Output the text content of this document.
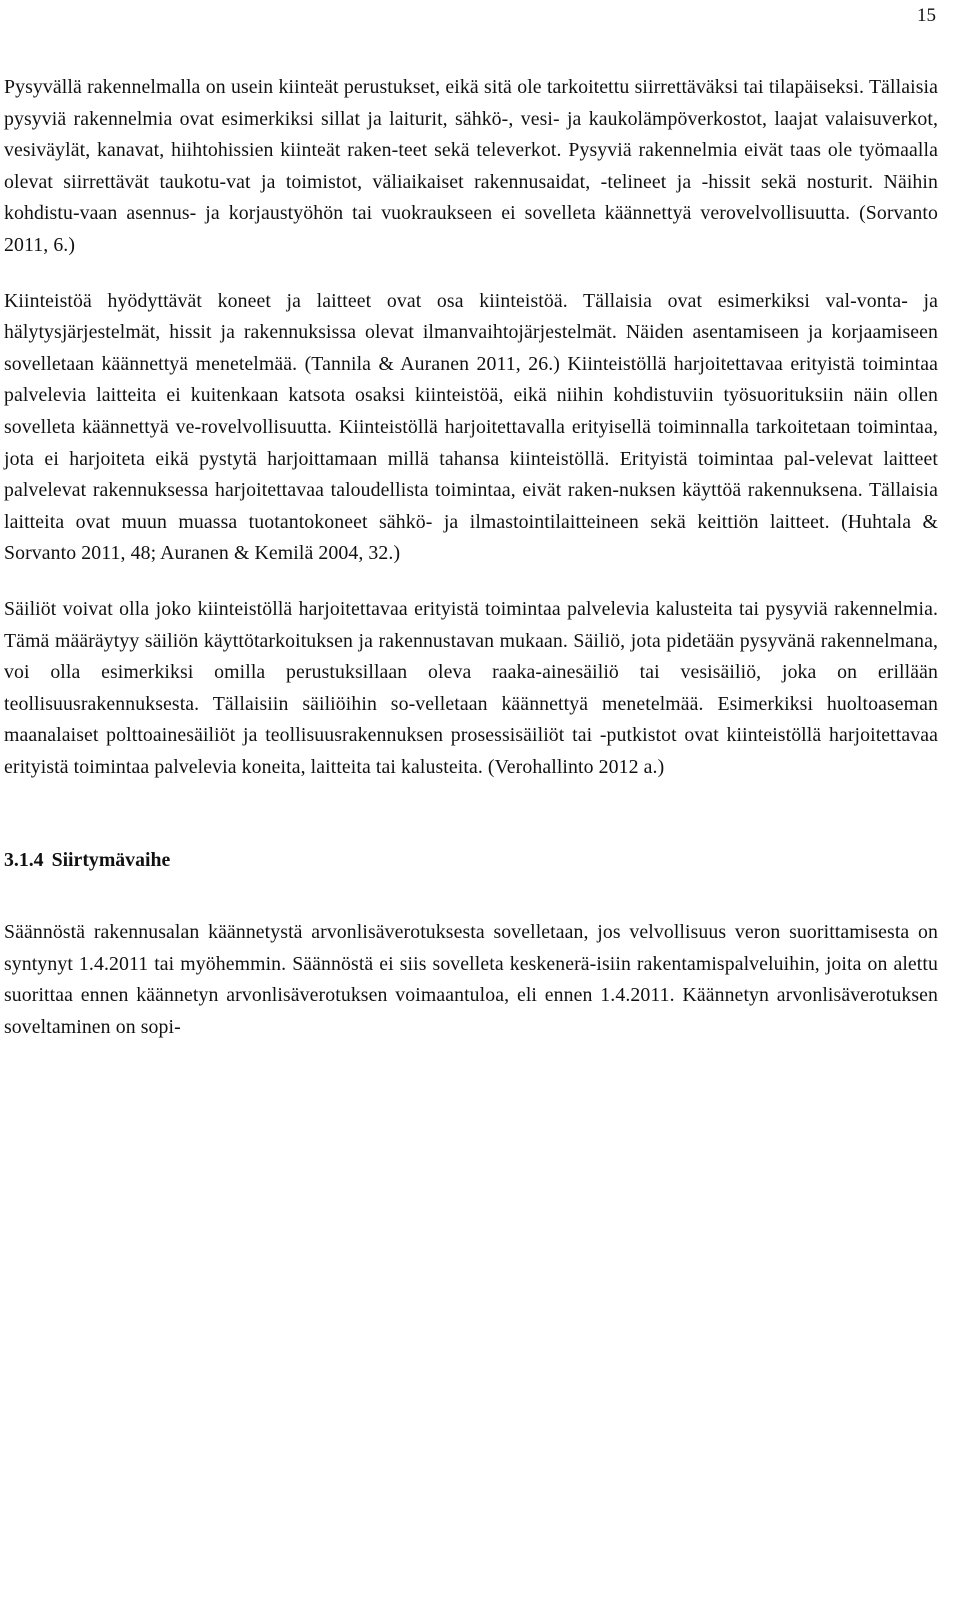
15

Pysyvällä rakennelmalla on usein kiinteät perustukset, eikä sitä ole tarkoitettu siirrettäväksi tai tilapäiseksi. Tällaisia pysyviä rakennelmia ovat esimerkiksi sillat ja laiturit, sähkö-, vesi- ja kaukolämpöverkostot, laajat valaisuverkot, vesiväylät, kanavat, hiihtohissien kiinteät raken-teet sekä televerkot. Pysyviä rakennelmia eivät taas ole työmaalla olevat siirrettävät taukotu-vat ja toimistot, väliaikaiset rakennusaidat, -telineet ja -hissit sekä nosturit. Näihin kohdistu-vaan asennus- ja korjaustyöhön tai vuokraukseen ei sovelleta käännettyä verovelvollisuutta. (Sorvanto 2011, 6.)

Kiinteistöä hyödyttävät koneet ja laitteet ovat osa kiinteistöä. Tällaisia ovat esimerkiksi val-vonta- ja hälytysjärjestelmät, hissit ja rakennuksissa olevat ilmanvaihtojärjestelmät. Näiden asentamiseen ja korjaamiseen sovelletaan käännettyä menetelmää. (Tannila & Auranen 2011, 26.) Kiinteistöllä harjoitettavaa erityistä toimintaa palvelevia laitteita ei kuitenkaan katsota osaksi kiinteistöä, eikä niihin kohdistuviin työsuorituksiin näin ollen sovelleta käännettyä ve-rovelvollisuutta. Kiinteistöllä harjoitettavalla erityisellä toiminnalla tarkoitetaan toimintaa, jota ei harjoiteta eikä pystytä harjoittamaan millä tahansa kiinteistöllä. Erityistä toimintaa pal-velevat laitteet palvelevat rakennuksessa harjoitettavaa taloudellista toimintaa, eivät raken-nuksen käyttöä rakennuksena. Tällaisia laitteita ovat muun muassa tuotantokoneet sähkö- ja ilmastointilaitteineen sekä keittiön laitteet. (Huhtala & Sorvanto 2011, 48; Auranen & Kemilä 2004, 32.)

Säiliöt voivat olla joko kiinteistöllä harjoitettavaa erityistä toimintaa palvelevia kalusteita tai pysyviä rakennelmia. Tämä määräytyy säiliön käyttötarkoituksen ja rakennustavan mukaan. Säiliö, jota pidetään pysyvänä rakennelmana, voi olla esimerkiksi omilla perustuksillaan oleva raaka-ainesäiliö tai vesisäiliö, joka on erillään teollisuusrakennuksesta. Tällaisiin säiliöihin so-velletaan käännettyä menetelmää. Esimerkiksi huoltoaseman maanalaiset polttoainesäiliöt ja teollisuusrakennuksen prosessisäiliöt tai -putkistot ovat kiinteistöllä harjoitettavaa erityistä toimintaa palvelevia koneita, laitteita tai kalusteita. (Verohallinto 2012 a.)

3.1.4 Siirtymävaihe

Säännöstä rakennusalan käännetystä arvonlisäverotuksesta sovelletaan, jos velvollisuus veron suorittamisesta on syntynyt 1.4.2011 tai myöhemmin. Säännöstä ei siis sovelleta keskenerä-isiin rakentamispalveluihin, joita on alettu suorittaa ennen käännetyn arvonlisäverotuksen voimaantuloa, eli ennen 1.4.2011. Käännetyn arvonlisäverotuksen soveltaminen on sopi-
